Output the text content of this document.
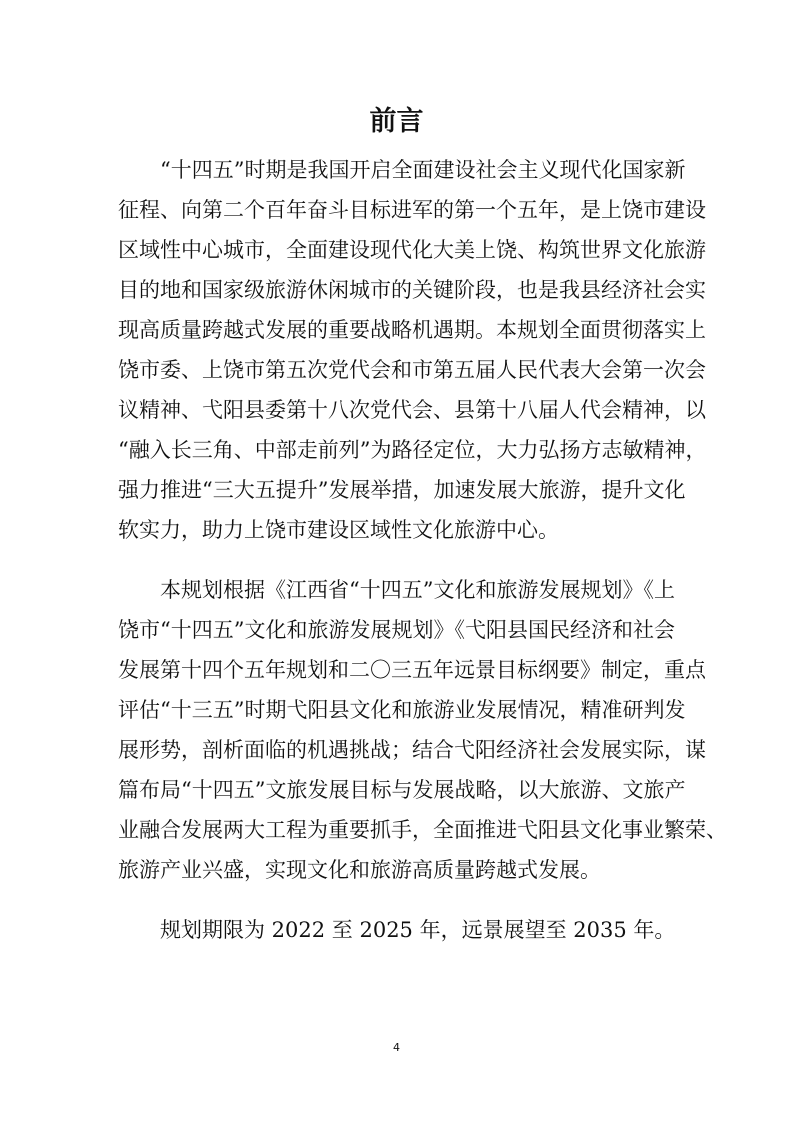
前言
“十四五”时期是我国开启全面建设社会主义现代化国家新
征程、向第二个百年奋斗目标进军的第一个五年，是上饶市建设
区域性中心城市，全面建设现代化大美上饶、构筑世界文化旅游
目的地和国家级旅游休闲城市的关键阶段，也是我县经济社会实
现高质量跨越式发展的重要战略机遇期。本规划全面贯彻落实上
饶市委、上饶市第五次党代会和市第五届人民代表大会第一次会
议精神、弋阳县委第十八次党代会、县第十八届人代会精神，以
“融入长三角、中部走前列”为路径定位，大力弘扬方志敏精神，
强力推进“三大五提升”发展举措，加速发展大旅游，提升文化
软实力，助力上饶市建设区域性文化旅游中心。
本规划根据《江西省“十四五”文化和旅游发展规划》《上
饶市“十四五”文化和旅游发展规划》《弋阳县国民经济和社会
发展第十四个五年规划和二〇三五年远景目标纲要》制定，重点
评估“十三五”时期弋阳县文化和旅游业发展情况，精准研判发
展形势，剖析面临的机遇挑战；结合弋阳经济社会发展实际，谋
篇布局“十四五”文旅发展目标与发展战略，以大旅游、文旅产
业融合发展两大工程为重要抓手，全面推进弋阳县文化事业繁荣、
旅游产业兴盛，实现文化和旅游高质量跨越式发展。
规划期限为 2022 至 2025 年，远景展望至 2035 年。
4
